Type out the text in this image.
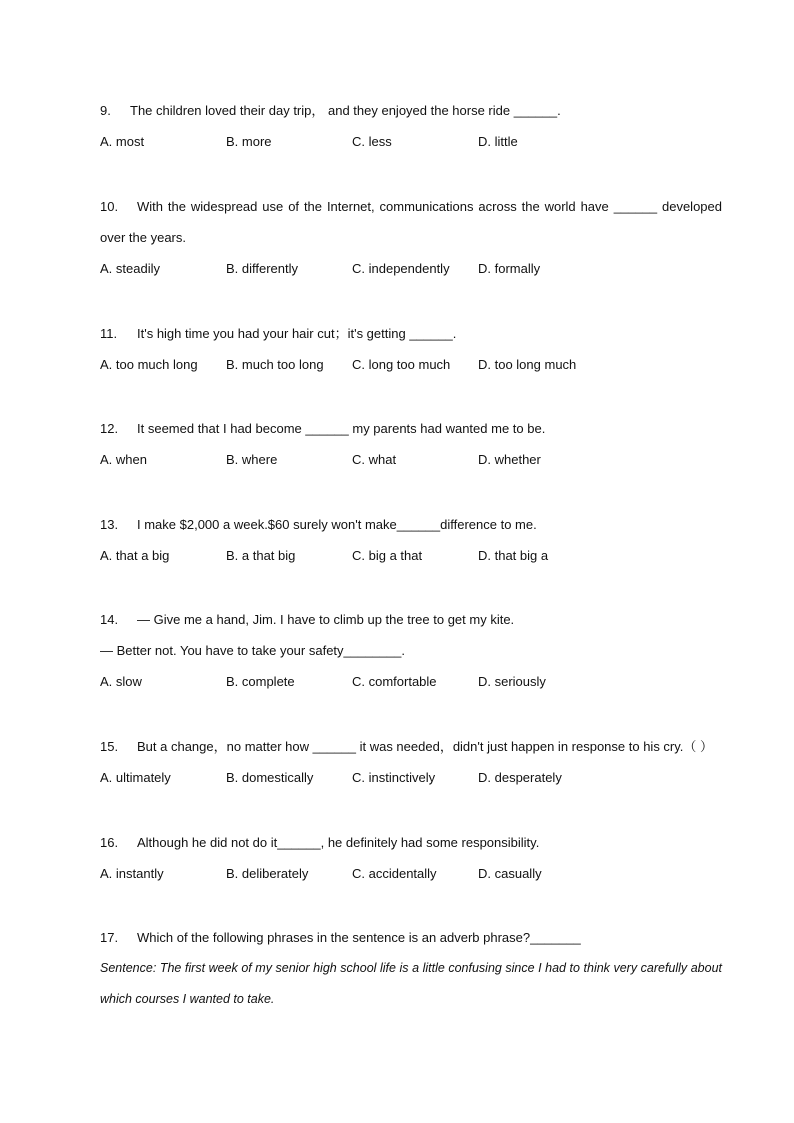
9.	The children loved their day trip， and they enjoyed the horse ride ______.
A. most	B. more	C. less	D. little
10.	With the widespread use of the Internet, communications across the world have ______ developed
over the years.
A. steadily	B. differently	C. independently	D. formally
11.	It's high time you had your hair cut；it's getting ______.
A. too much long	B. much too long	C. long too much	D. too long much
12.	It seemed that I had become ______ my parents had wanted me to be.
A. when	B. where	C. what	D. whether
13.	I make $2,000 a week.$60 surely won't make______difference to me.
A. that a big	B. a that big	C. big a that	D. that big a
14.	— Give me a hand, Jim. I have to climb up the tree to get my kite.
— Better not. You have to take your safety________.
A. slow	B. complete	C. comfortable	D. seriously
15.	But a change，no matter how ______ it was needed，didn't just happen in response to his cry.（ ）
A. ultimately	B. domestically	C. instinctively	D. desperately
16.	Although he did not do it______, he definitely had some responsibility.
A. instantly	B. deliberately	C. accidentally	D. casually
17.	Which of the following phrases in the sentence is an adverb phrase?_______
Sentence: The first week of my senior high school life is a little confusing since I had to think very carefully about which courses I wanted to take.
